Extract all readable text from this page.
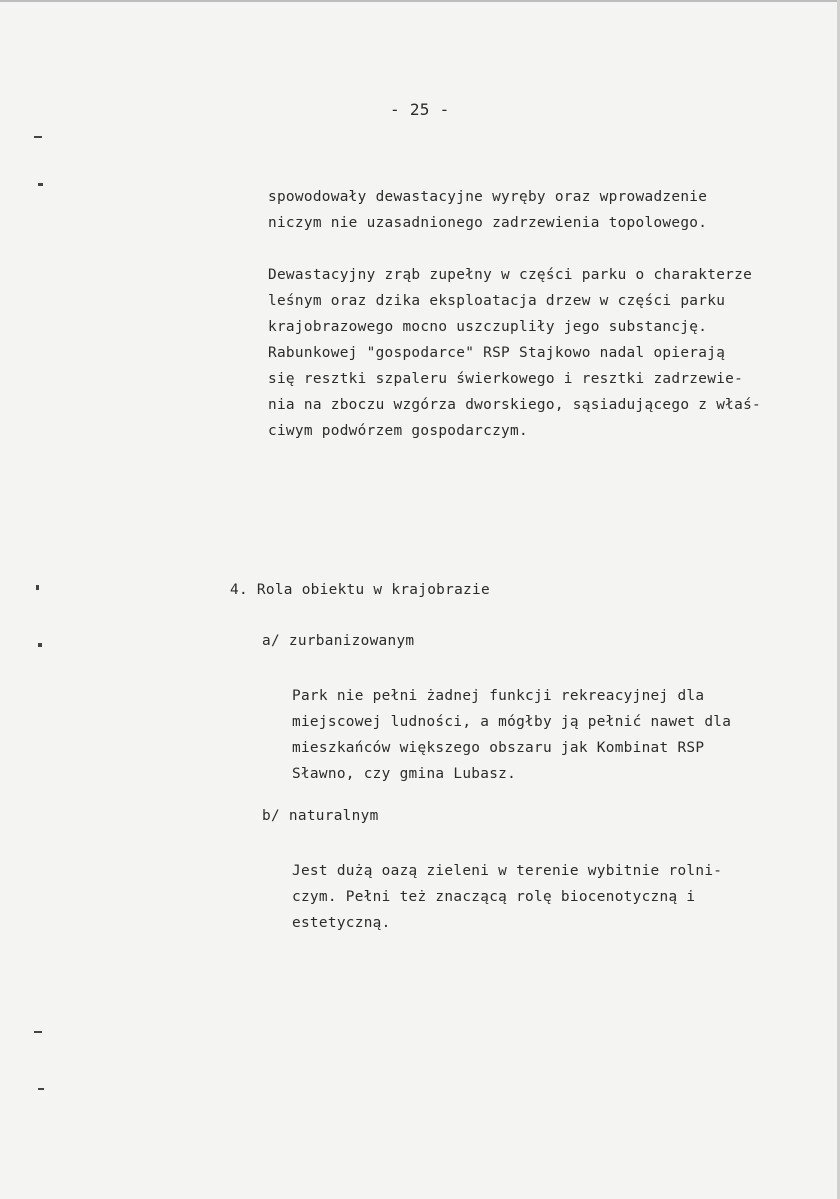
- 25 -
spowodowały dewastacyjne wyręby oraz wprowadzenie
niczym nie uzasadnionego zadrzewienia topolowego.
Dewastacyjny zrąb zupełny w części parku o charakterze
leśnym oraz dzika eksploatacja drzew w części parku
krajobrazowego mocno uszczupliły jego substancję.
Rabunkowej "gospodarce" RSP Stajkowo nadal opierają
się resztki szpaleru świerkowego i resztki zadrzewie-
nia na zboczu wzgórza dworskiego, sąsiadującego z właś-
ciwym podwórzem gospodarczym.
4. Rola obiektu w krajobrazie
a/ zurbanizowanym
Park nie pełni żadnej funkcji rekreacyjnej dla
miejscowej ludności, a mógłby ją pełnić nawet dla
mieszkańców większego obszaru jak Kombinat RSP
Sławno, czy gmina Lubasz.
b/ naturalnym
Jest dużą oazą zieleni w terenie wybitnie rolni-
czym. Pełni też znaczącą rolę biocenotyczną i
estetyczną.
